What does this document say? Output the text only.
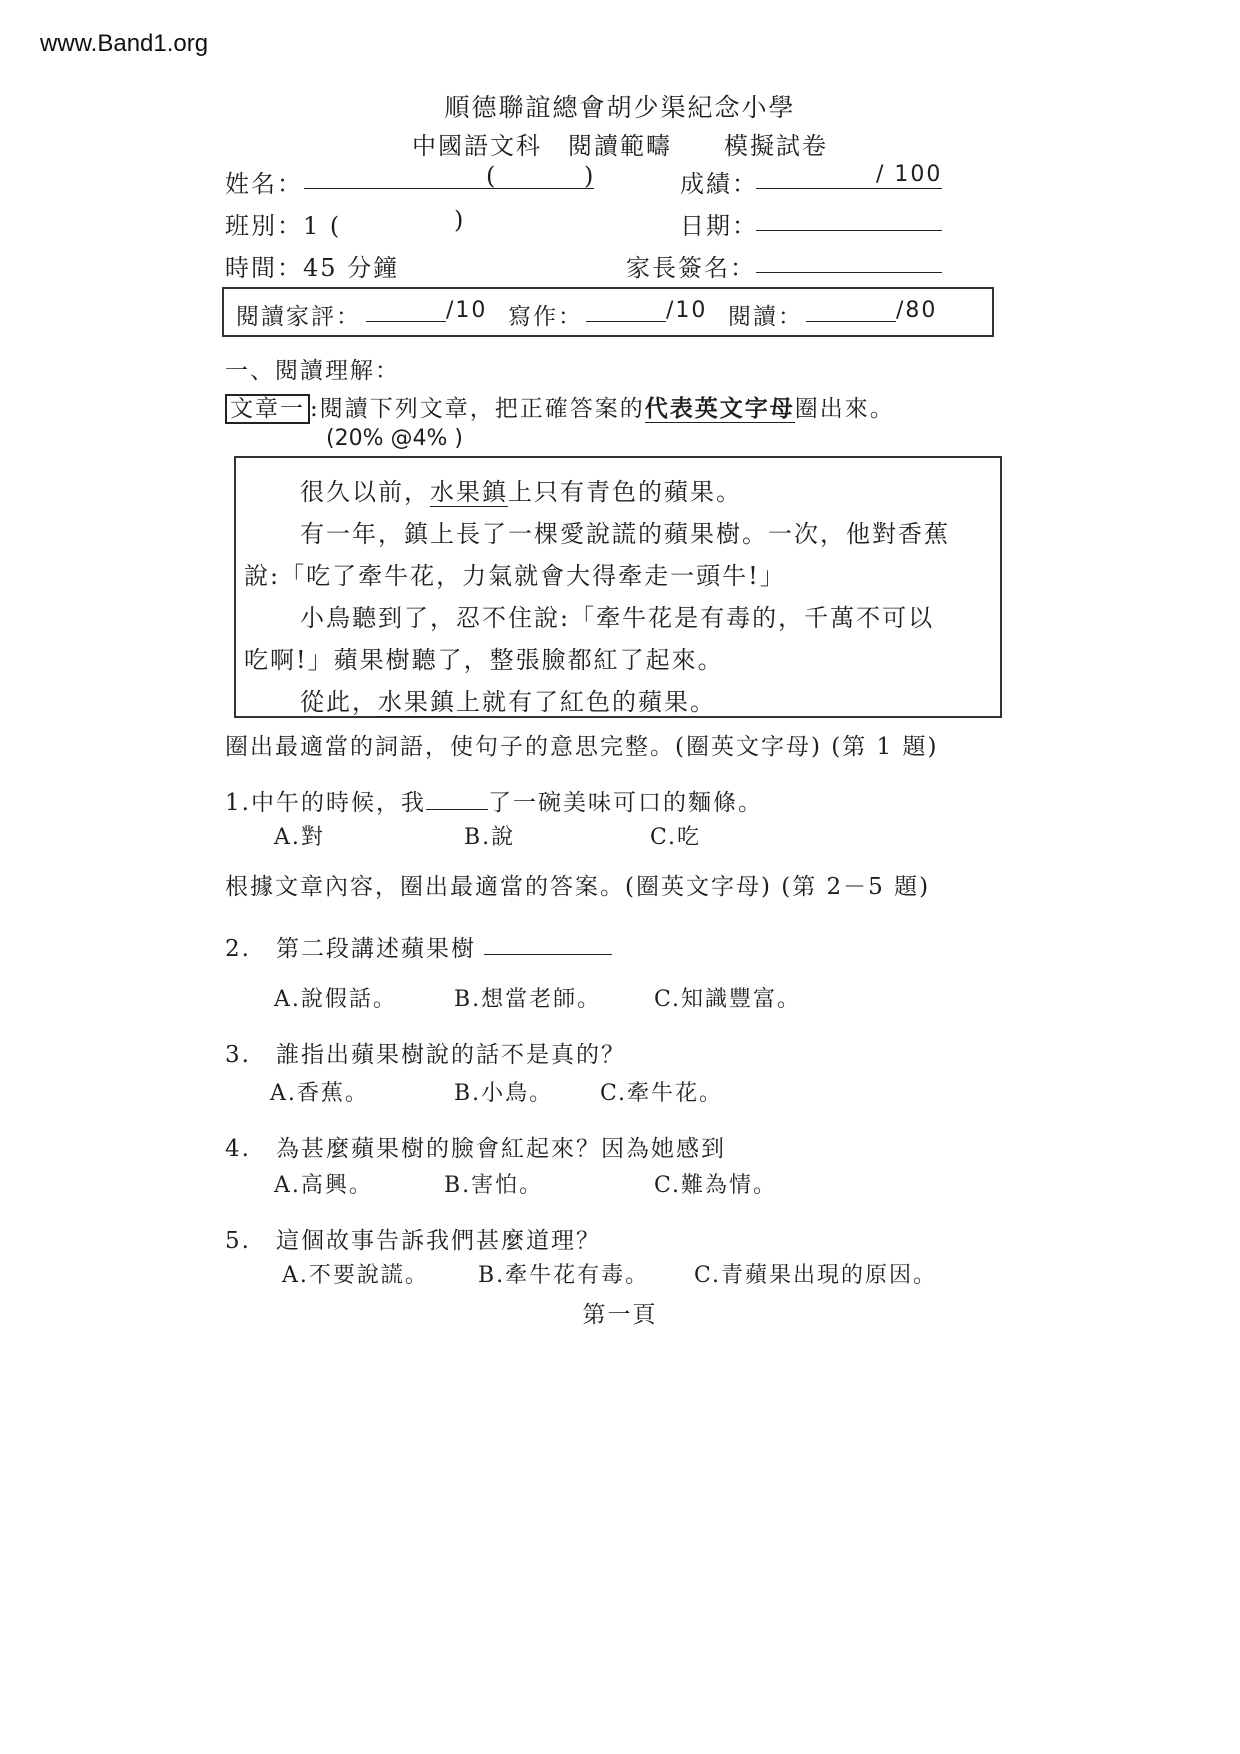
www.Band1.org
順德聯誼總會胡少渠紀念小學
中國語文科　閱讀範疇　　模擬試卷
姓名：	(	)	成績：	/ 100
班別：1 (	)	日期：
時間：45 分鐘	家長簽名：
閱讀家評：	/10 寫作：	/10 閱讀：	/80
一、閱讀理解：
文章一 :閱讀下列文章，把正確答案的代表英文字母圈出來。
(20% @4% )
很久以前，水果鎮上只有青色的蘋果。
有一年，鎮上長了一棵愛說謊的蘋果樹。一次，他對香蕉
說:「吃了牽牛花，力氣就會大得牽走一頭牛!」
小鳥聽到了，忍不住說:「牽牛花是有毒的，千萬不可以
吃啊!」蘋果樹聽了，整張臉都紅了起來。
從此，水果鎮上就有了紅色的蘋果。
圈出最適當的詞語，使句子的意思完整。(圈英文字母) (第 1 題)
1.中午的時候，我	了一碗美味可口的麵條。
A.對	B.說	C.吃
根據文章內容，圈出最適當的答案。(圈英文字母) (第 2－5 題)
2.　第二段講述蘋果樹
A.說假話。	B.想當老師。 C.知識豐富。
3.　誰指出蘋果樹說的話不是真的？
A.香蕉。	B.小鳥。 C.牽牛花。
4.　為甚麼蘋果樹的臉會紅起來？因為她感到
A.高興。	B.害怕。	C.難為情。
5.　這個故事告訴我們甚麼道理？
A.不要說謊。 B.牽牛花有毒。 C.青蘋果出現的原因。
第一頁
